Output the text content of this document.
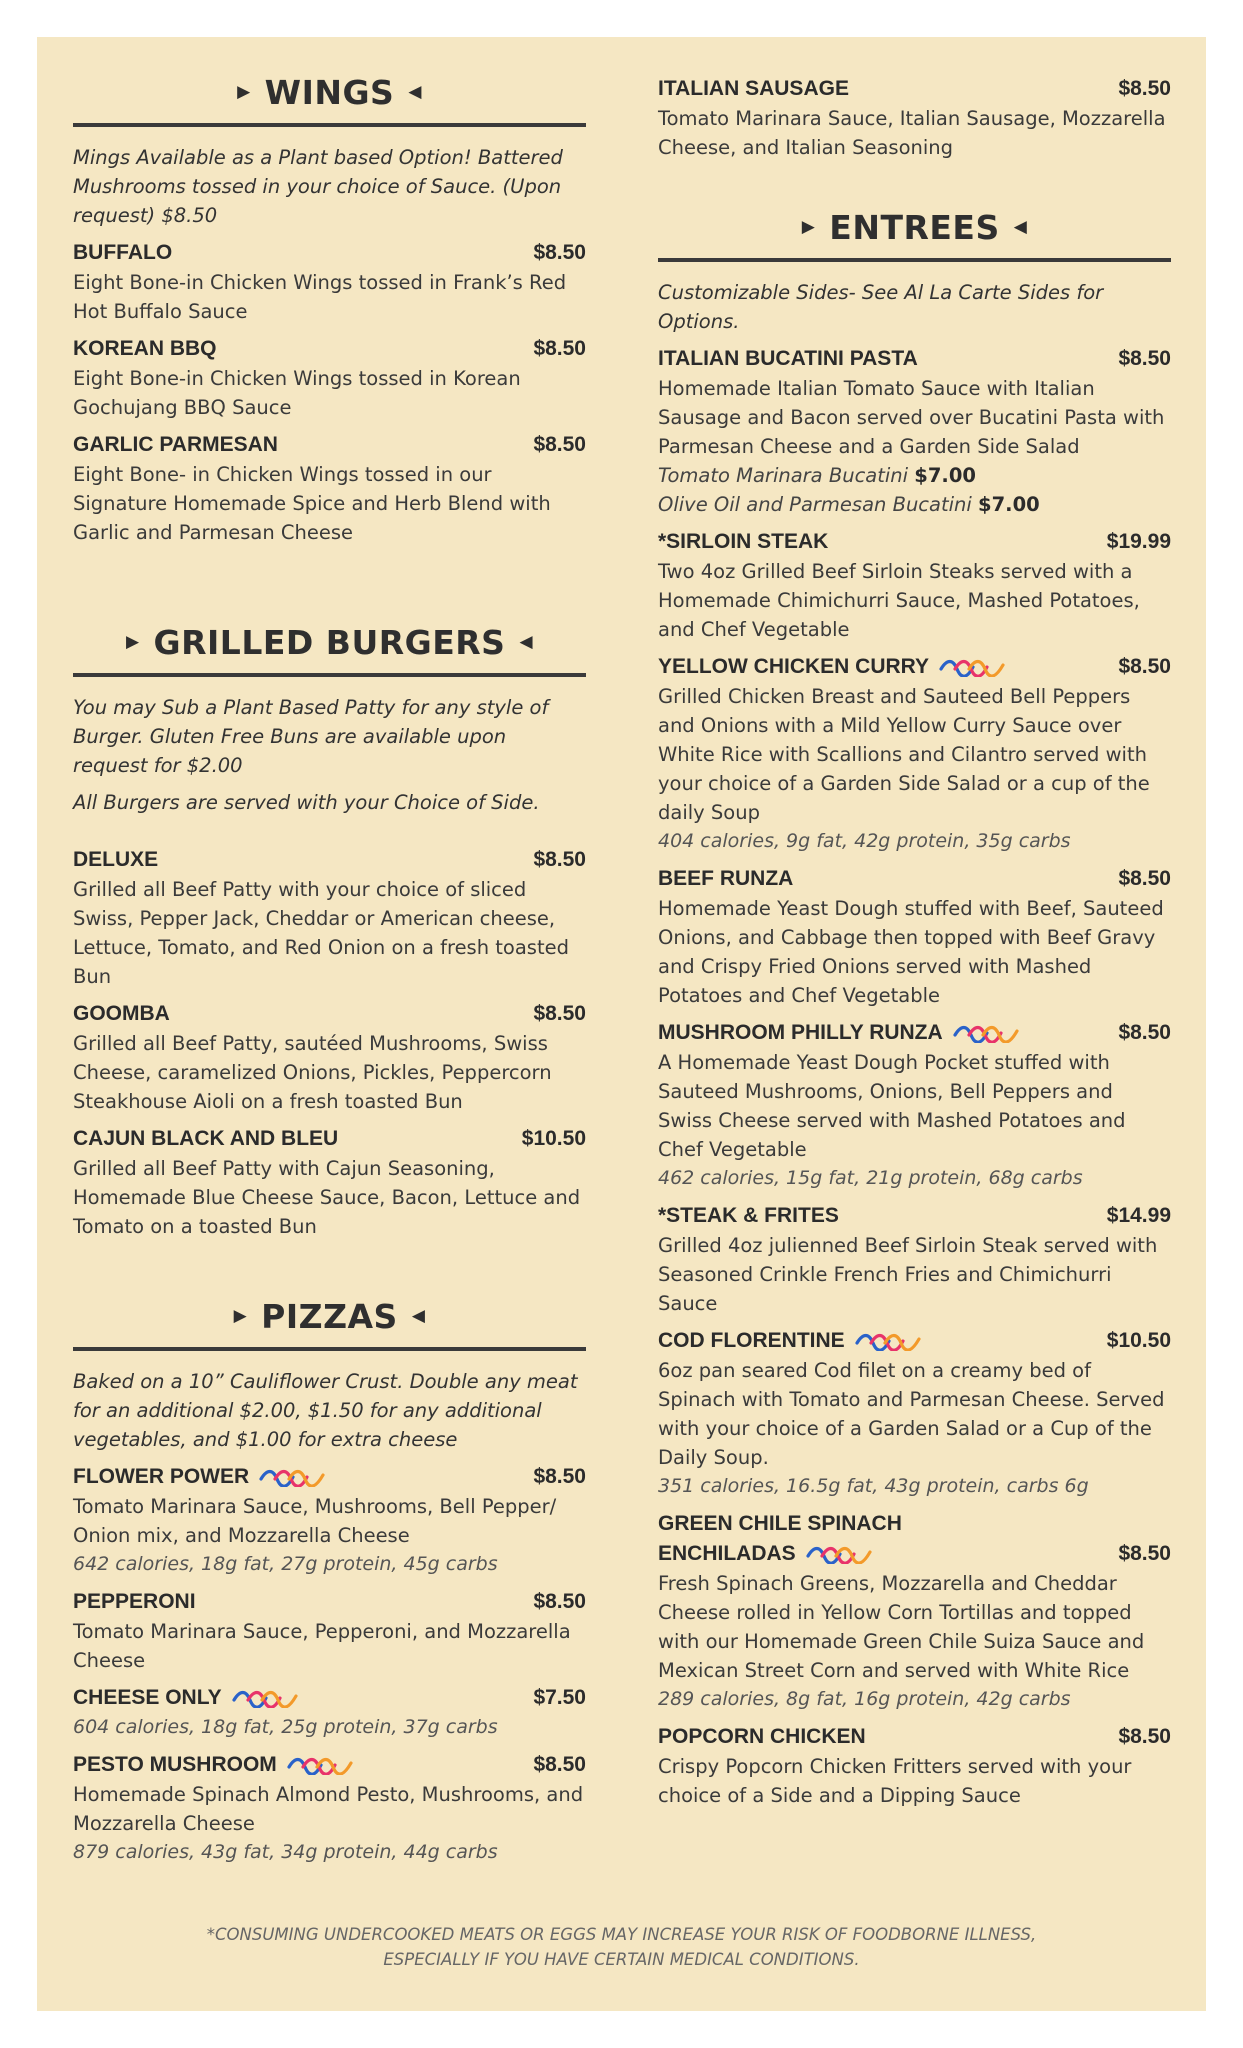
▶ WINGS ◀
Mings Available as a Plant based Option! Battered Mushrooms tossed in your choice of Sauce. (Upon request) $8.50
BUFFALO	$8.50
Eight Bone-in Chicken Wings tossed in Frank’s Red Hot Buffalo Sauce
KOREAN BBQ	$8.50
Eight Bone-in Chicken Wings tossed in Korean Gochujang BBQ Sauce
GARLIC PARMESAN	$8.50
Eight Bone- in Chicken Wings tossed in our Signature Homemade Spice and Herb Blend with Garlic and Parmesan Cheese
▶ GRILLED BURGERS ◀
You may Sub a Plant Based Patty for any style of Burger. Gluten Free Buns are available upon request for $2.00
All Burgers are served with your Choice of Side.
DELUXE	$8.50
Grilled all Beef Patty with your choice of sliced Swiss, Pepper Jack, Cheddar or American cheese, Lettuce, Tomato, and Red Onion on a fresh toasted Bun
GOOMBA	$8.50
Grilled all Beef Patty, sautéed Mushrooms, Swiss Cheese, caramelized Onions, Pickles, Peppercorn Steakhouse Aioli on a fresh toasted Bun
CAJUN BLACK AND BLEU	$10.50
Grilled all Beef Patty with Cajun Seasoning, Homemade Blue Cheese Sauce, Bacon, Lettuce and Tomato on a toasted Bun
▶ PIZZAS ◀
Baked on a 10” Cauliflower Crust. Double any meat for an additional $2.00, $1.50 for any additional vegetables, and $1.00 for extra cheese
FLOWER POWER	$8.50
Tomato Marinara Sauce, Mushrooms, Bell Pepper/ Onion mix, and Mozzarella Cheese
642 calories, 18g fat, 27g protein, 45g carbs
PEPPERONI	$8.50
Tomato Marinara Sauce, Pepperoni, and Mozzarella Cheese
CHEESE ONLY	$7.50
604 calories, 18g fat, 25g protein, 37g carbs
PESTO MUSHROOM	$8.50
Homemade Spinach Almond Pesto, Mushrooms, and Mozzarella Cheese
879 calories, 43g fat, 34g protein, 44g carbs
ITALIAN SAUSAGE	$8.50
Tomato Marinara Sauce, Italian Sausage, Mozzarella Cheese, and Italian Seasoning
▶ ENTREES ◀
Customizable Sides- See Al La Carte Sides for Options.
ITALIAN BUCATINI PASTA	$8.50
Homemade Italian Tomato Sauce with Italian Sausage and Bacon served over Bucatini Pasta with Parmesan Cheese and a Garden Side Salad
Tomato Marinara Bucatini $7.00
Olive Oil and Parmesan Bucatini $7.00
*SIRLOIN STEAK	$19.99
Two 4oz Grilled Beef Sirloin Steaks served with a Homemade Chimichurri Sauce, Mashed Potatoes, and Chef Vegetable
YELLOW CHICKEN CURRY	$8.50
Grilled Chicken Breast and Sauteed Bell Peppers and Onions with a Mild Yellow Curry Sauce over White Rice with Scallions and Cilantro served with your choice of a Garden Side Salad or a cup of the daily Soup
404 calories, 9g fat, 42g protein, 35g carbs
BEEF RUNZA	$8.50
Homemade Yeast Dough stuffed with Beef, Sauteed Onions, and Cabbage then topped with Beef Gravy and Crispy Fried Onions served with Mashed Potatoes and Chef Vegetable
MUSHROOM PHILLY RUNZA	$8.50
A Homemade Yeast Dough Pocket stuffed with Sauteed Mushrooms, Onions, Bell Peppers and Swiss Cheese served with Mashed Potatoes and Chef Vegetable
462 calories, 15g fat, 21g protein, 68g carbs
*STEAK & FRITES	$14.99
Grilled 4oz julienned Beef Sirloin Steak served with Seasoned Crinkle French Fries and Chimichurri Sauce
COD FLORENTINE	$10.50
6oz pan seared Cod filet on a creamy bed of Spinach with Tomato and Parmesan Cheese. Served with your choice of a Garden Salad or a Cup of the Daily Soup.
351 calories, 16.5g fat, 43g protein, carbs 6g
GREEN CHILE SPINACH
ENCHILADAS	$8.50
Fresh Spinach Greens, Mozzarella and Cheddar Cheese rolled in Yellow Corn Tortillas and topped with our Homemade Green Chile Suiza Sauce and Mexican Street Corn and served with White Rice
289 calories, 8g fat, 16g protein, 42g carbs
POPCORN CHICKEN	$8.50
Crispy Popcorn Chicken Fritters served with your choice of a Side and a Dipping Sauce
*CONSUMING UNDERCOOKED MEATS OR EGGS MAY INCREASE YOUR RISK OF FOODBORNE ILLNESS,
ESPECIALLY IF YOU HAVE CERTAIN MEDICAL CONDITIONS.
